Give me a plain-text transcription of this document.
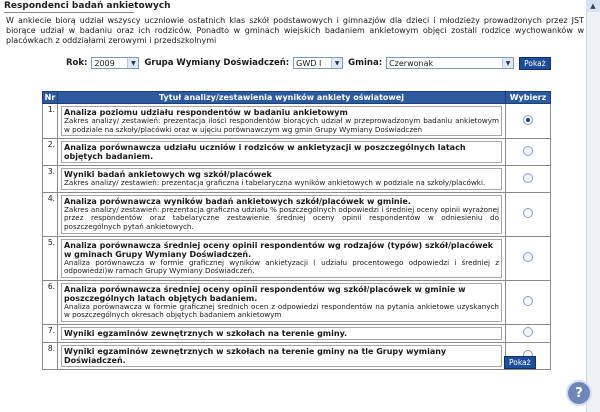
Respondenci badań ankietowych
W ankiecie biorą udział wszyscy uczniowie ostatnich klas szkół podstawowych i gimnazjów dla dzieci i młodzieży prowadzonych przez JST biorące udział w badaniu oraz ich rodziców. Ponadto w gminach wiejskich badaniem ankietowym objęci zostali rodzice wychowanków w placówkach z oddziałami zerowymi i przedszkolnymi
Rok: 2009	▼	Grupa Wymiany Doświadczeń: GWD I	▼	Gmina: Czerwonak	▼	Pokaż
Nr	Tytuł analizy/zestawienia wyników ankiety oświatowej	Wybierz
1.	Analiza poziomu udziału respondentów w badaniu ankietowym
Zakres analizy/ zestawień: prezentacja ilości respondentów biorących udział w przeprowadzonym badaniu ankietowym w podziale na szkoły/placówki oraz w ujęciu porównawczym wg gmin Grupy Wymiany Doświadczeń	

2.	Analiza porównawcza udziału uczniów i rodziców w ankietyzacji w poszczególnych latach objętych badaniem.	

3.	Wyniki badań ankietowych wg szkół/placówek
Zakres analizy/ zestawień: prezentacja graficzna i tabelaryczna wyników ankietowych w podziale na szkoły/placówki.	

4.	Analiza porównawcza wyników badań ankietowych szkół/placówek w gminie.
Zakres analizy/ zestawień: prezentacja graficzna udziału % poszczególnych odpowiedzi i średniej oceny opinii wyrażonej przez respondentów oraz tabelaryczne zestawienie średniej oceny opinii respondentów w odniesieniu do poszczególnych pytań ankietowych.	

5.	Analiza porównawcza średniej oceny opinii respondentów wg rodzajów (typów) szkół/placówek w gminach Grupy Wymiany Doświadczeń.
Analiza porównawcza w formie graficznej wyników ankietyzacji ( udziału procentowego odpowiedzi i średniej z odpowiedzi)w ramach Grupy Wymiany Doświadczeń.	

6.	Analiza porównawcza średniej oceny opinii respondentów wg szkół/placówek w gminie w poszczególnych latach objętych badaniem.
Analiza porównawcza w formie graficznej średnich ocen z odpowiedzi respondentów na pytania ankietowe uzyskanych w poszczególnych okresach objętych badaniem ankietowym	

7.	Wyniki egzaminów zewnętrznych w szkołach na terenie gminy.	

8.	Wyniki egzaminów zewnętrznych w szkołach na terenie gminy na tle Grupy wymiany Doświadczeń.	
		Pokaż
▲
?
